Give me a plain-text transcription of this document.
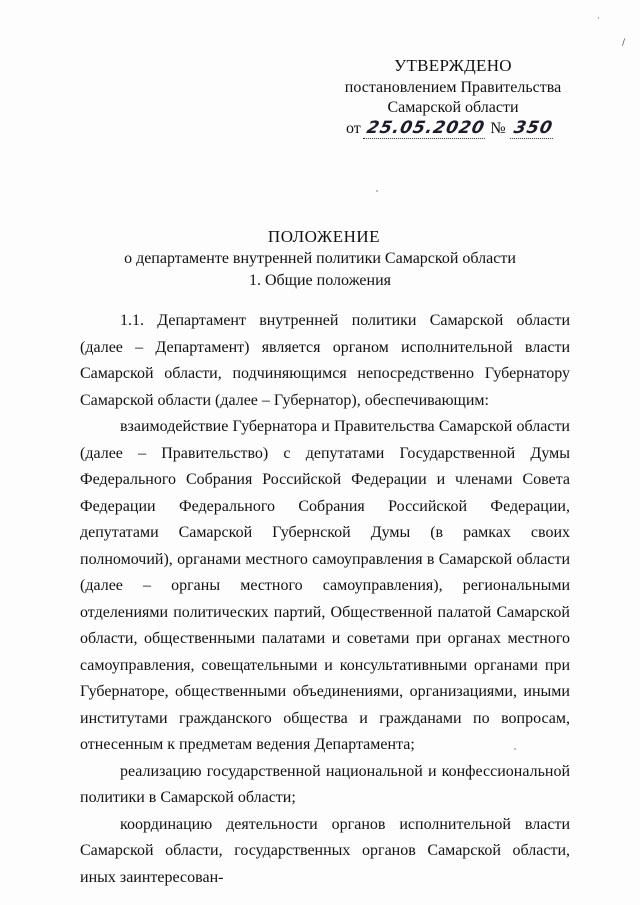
·
/
УТВЕРЖДЕНО
постановлением Правительства
Самарской области
от 25.05.2020 № 350
ПОЛОЖЕНИЕ
о департаменте внутренней политики Самарской области
1. Общие положения

1.1. Департамент внутренней политики Самарской области (далее – Департамент) является органом исполнительной власти Самарской области, подчиняющимся непосредственно Губернатору Самарской области (далее – Губернатор), обеспечивающим:

взаимодействие Губернатора и Правительства Самарской области (далее – Правительство) с депутатами Государственной Думы Федерального Собрания Российской Федерации и членами Совета Федерации Федерального Собрания Российской Федерации, депутатами Самарской Губернской Думы (в рамках своих полномочий), органами местного самоуправления в Самарской области (далее – органы местного самоуправления), региональными отделениями политических партий, Общественной палатой Самарской области, общественными палатами и советами при органах местного самоуправления, совещательными и консультативными органами при Губернаторе, общественными объединениями, организациями, иными институтами гражданского общества и гражданами по вопросам, отнесенным к предметам ведения Департамента;

реализацию государственной национальной и конфессиональной политики в Самарской области;

координацию деятельности органов исполнительной власти Самарской области, государственных органов Самарской области, иных заинтересован-
